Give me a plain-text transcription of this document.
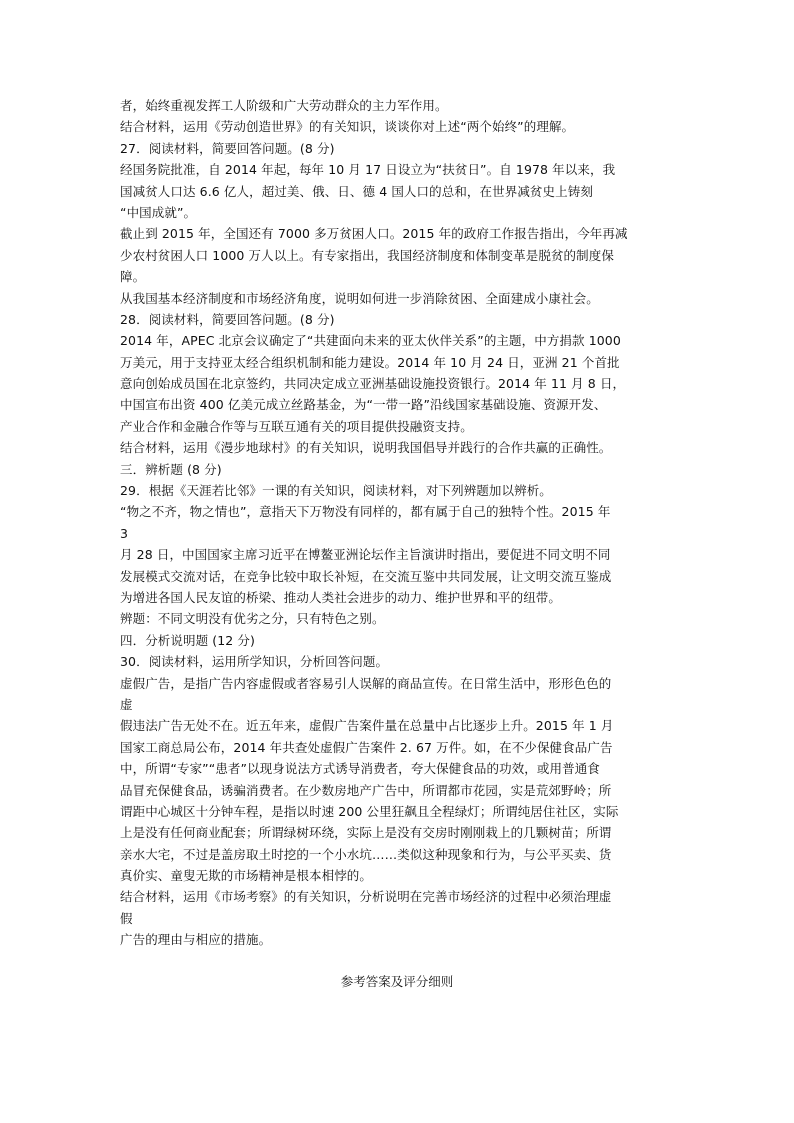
者，始终重视发挥工人阶级和广大劳动群众的主力军作用。
结合材料，运用《劳动创造世界》的有关知识，谈谈你对上述“两个始终”的理解。
27．阅读材料，简要回答问题。(8 分)
经国务院批准，自 2014 年起，每年 10 月 17 日设立为“扶贫日”。自 1978 年以来，我
国减贫人口达 6.6 亿人，超过美、俄、日、德 4 国人口的总和，在世界减贫史上铸刻
“中国成就”。
截止到 2015 年，全国还有 7000 多万贫困人口。2015 年的政府工作报告指出，今年再减
少农村贫困人口 1000 万人以上。有专家指出，我国经济制度和体制变革是脱贫的制度保
障。
从我国基本经济制度和市场经济角度，说明如何进一步消除贫困、全面建成小康社会。
28．阅读材料，简要回答问题。(8 分)
2014 年，APEC 北京会议确定了“共建面向未来的亚太伙伴关系”的主题，中方捐款 1000
万美元，用于支持亚太经合组织机制和能力建设。2014 年 10 月 24 日，亚洲 21 个首批
意向创始成员国在北京签约，共同决定成立亚洲基础设施投资银行。2014 年 11 月 8 日，
中国宣布出资 400 亿美元成立丝路基金，为“一带一路”沿线国家基础设施、资源开发、
产业合作和金融合作等与互联互通有关的项目提供投融资支持。
结合材料，运用《漫步地球村》的有关知识，说明我国倡导并践行的合作共赢的正确性。
三．辨析题 (8 分)
29．根据《天涯若比邻》一课的有关知识，阅读材料，对下列辨题加以辨析。
“物之不齐，物之情也”，意指天下万物没有同样的，都有属于自己的独特个性。2015 年
3
月 28 日，中国国家主席习近平在博鳌亚洲论坛作主旨演讲时指出，要促进不同文明不同
发展模式交流对话，在竞争比较中取长补短，在交流互鉴中共同发展，让文明交流互鉴成
为增进各国人民友谊的桥梁、推动人类社会进步的动力、维护世界和平的纽带。
辨题：不同文明没有优劣之分，只有特色之别。
四．分析说明题 (12 分)
30．阅读材料，运用所学知识，分析回答问题。
虚假广告，是指广告内容虚假或者容易引人误解的商品宣传。在日常生活中，形形色色的
虚
假违法广告无处不在。近五年来，虚假广告案件量在总量中占比逐步上升。2015 年 1 月
国家工商总局公布，2014 年共查处虚假广告案件 2. 67 万件。如，在不少保健食品广告
中，所谓“专家”“患者”以现身说法方式诱导消费者，夸大保健食品的功效，或用普通食
品冒充保健食品，诱骗消费者。在少数房地产广告中，所谓都市花园，实是荒郊野岭；所
谓距中心城区十分钟车程，是指以时速 200 公里狂飙且全程绿灯；所谓纯居住社区，实际
上是没有任何商业配套；所谓绿树环绕，实际上是没有交房时刚刚栽上的几颗树苗；所谓
亲水大宅，不过是盖房取土时挖的一个小水坑……类似这种现象和行为，与公平买卖、货
真价实、童叟无欺的市场精神是根本相悖的。
结合材料，运用《市场考察》的有关知识，分析说明在完善市场经济的过程中必须治理虚
假
广告的理由与相应的措施。
参考答案及评分细则
